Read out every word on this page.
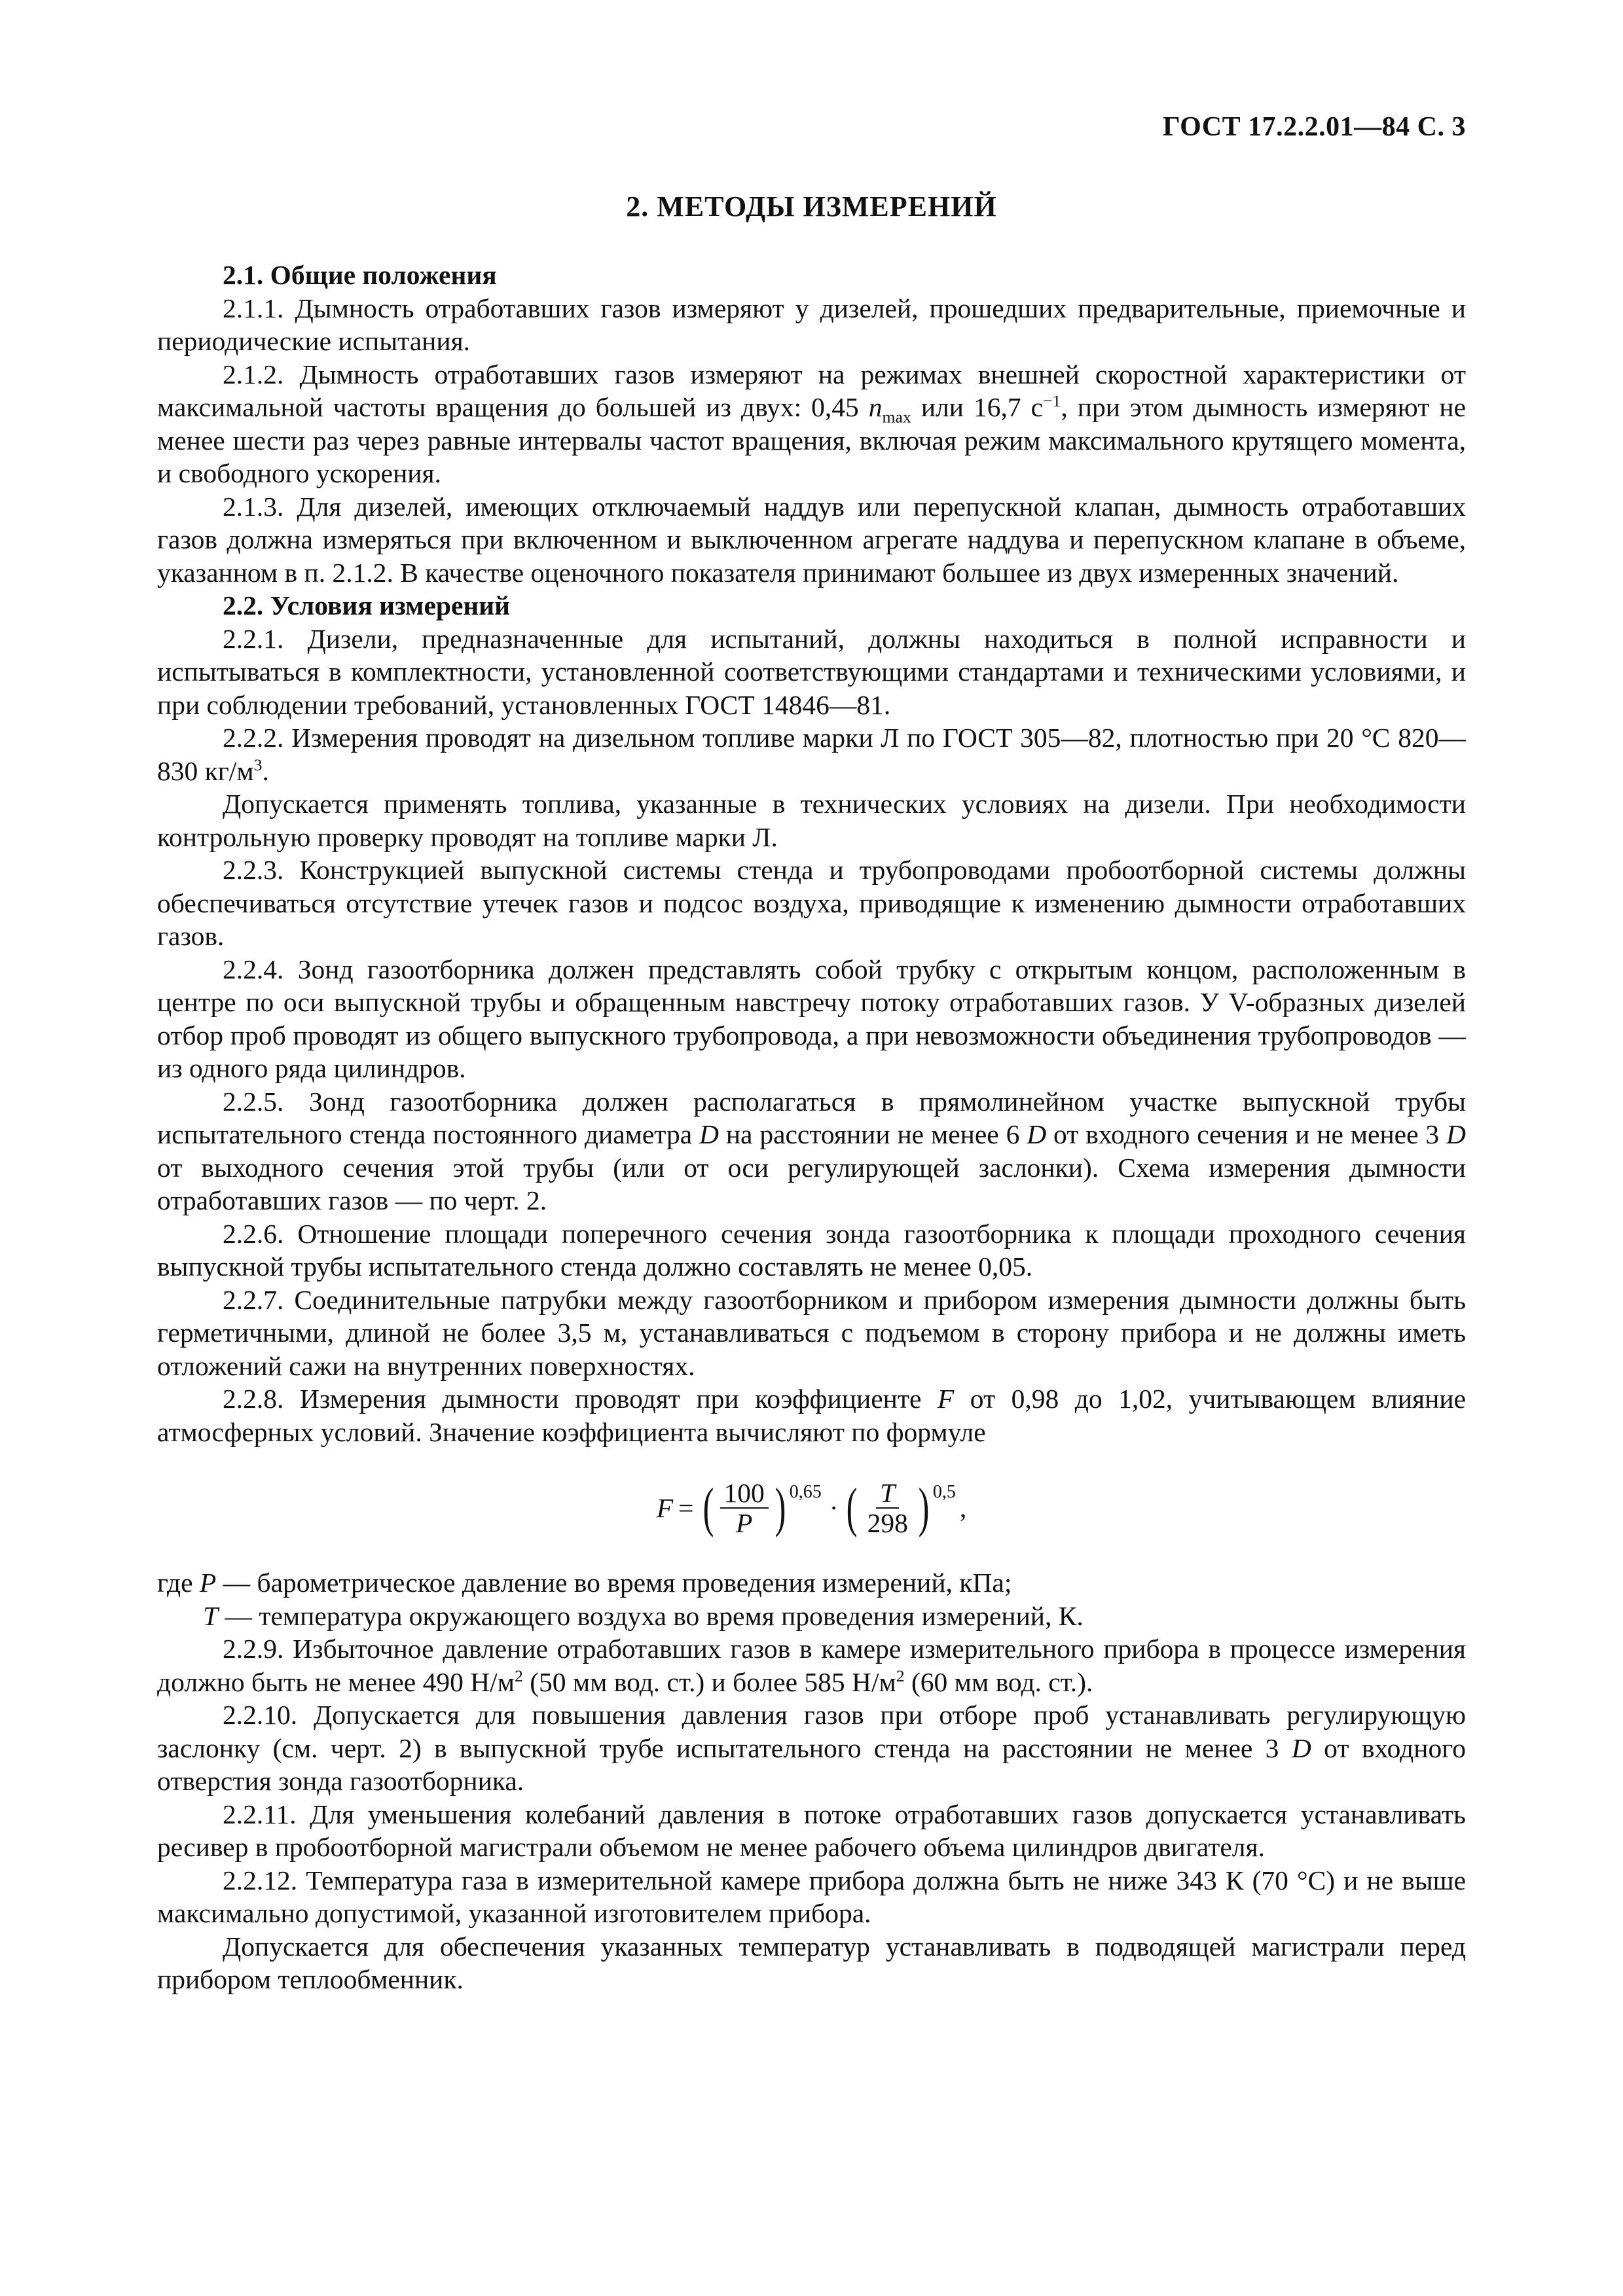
ГОСТ 17.2.2.01—84 С. 3
2. МЕТОДЫ ИЗМЕРЕНИЙ
2.1. Общие положения

2.1.1. Дымность отработавших газов измеряют у дизелей, прошедших предварительные, приемочные и периодические испытания.

2.1.2. Дымность отработавших газов измеряют на режимах внешней скоростной характеристики от максимальной частоты вращения до большей из двух: 0,45 $n_{max}$ или 16,7 $с^{-1}$, при этом дымность измеряют не менее шести раз через равные интервалы частот вращения, включая режим максимального крутящего момента, и свободного ускорения.

2.1.3. Для дизелей, имеющих отключаемый наддув или перепускной клапан, дымность отработавших газов должна измеряться при включенном и выключенном агрегате наддува и перепускном клапане в объеме, указанном в п. 2.1.2. В качестве оценочного показателя принимают большее из двух измеренных значений.

2.2. Условия измерений

2.2.1. Дизели, предназначенные для испытаний, должны находиться в полной исправности и испытываться в комплектности, установленной соответствующими стандартами и техническими условиями, и при соблюдении требований, установленных ГОСТ 14846—81.

2.2.2. Измерения проводят на дизельном топливе марки Л по ГОСТ 305—82, плотностью при 20 °С 820—830 $кг/м^3$.

Допускается применять топлива, указанные в технических условиях на дизели. При необходимости контрольную проверку проводят на топливе марки Л.

2.2.3. Конструкцией выпускной системы стенда и трубопроводами пробоотборной системы должны обеспечиваться отсутствие утечек газов и подсос воздуха, приводящие к изменению дымности отработавших газов.

2.2.4. Зонд газоотборника должен представлять собой трубку с открытым концом, расположенным в центре по оси выпускной трубы и обращенным навстречу потоку отработавших газов. У V-образных дизелей отбор проб проводят из общего выпускного трубопровода, а при невозможности объединения трубопроводов — из одного ряда цилиндров.

2.2.5. Зонд газоотборника должен располагаться в прямолинейном участке выпускной трубы испытательного стенда постоянного диаметра D на расстоянии не менее 6 D от входного сечения и не менее 3 D от выходного сечения этой трубы (или от оси регулирующей заслонки). Схема измерения дымности отработавших газов — по черт. 2.

2.2.6. Отношение площади поперечного сечения зонда газоотборника к площади проходного сечения выпускной трубы испытательного стенда должно составлять не менее 0,05.

2.2.7. Соединительные патрубки между газоотборником и прибором измерения дымности должны быть герметичными, длиной не более 3,5 м, устанавливаться с подъемом в сторону прибора и не должны иметь отложений сажи на внутренних поверхностях.

2.2.8. Измерения дымности проводят при коэффициенте F от 0,98 до 1,02, учитывающем влияние атмосферных условий. Значение коэффициента вычисляют по формуле

F = ( $\frac{100}{P}$ ) 0,65
· ( $\frac{T}{298}$ ) 0,5
,

где P — барометрическое давление во время проведения измерений, кПа;

T — температура окружающего воздуха во время проведения измерений, К.

2.2.9. Избыточное давление отработавших газов в камере измерительного прибора в процессе измерения должно быть не менее 490 $Н/м^2$ (50 мм вод. ст.) и более 585 $Н/м^2$ (60 мм вод. ст.).

2.2.10. Допускается для повышения давления газов при отборе проб устанавливать регулирующую заслонку (см. черт. 2) в выпускной трубе испытательного стенда на расстоянии не менее 3 D от входного отверстия зонда газоотборника.

2.2.11. Для уменьшения колебаний давления в потоке отработавших газов допускается устанавливать ресивер в пробоотборной магистрали объемом не менее рабочего объема цилиндров двигателя.

2.2.12. Температура газа в измерительной камере прибора должна быть не ниже 343 К (70 °С) и не выше максимально допустимой, указанной изготовителем прибора.

Допускается для обеспечения указанных температур устанавливать в подводящей магистрали перед прибором теплообменник.
